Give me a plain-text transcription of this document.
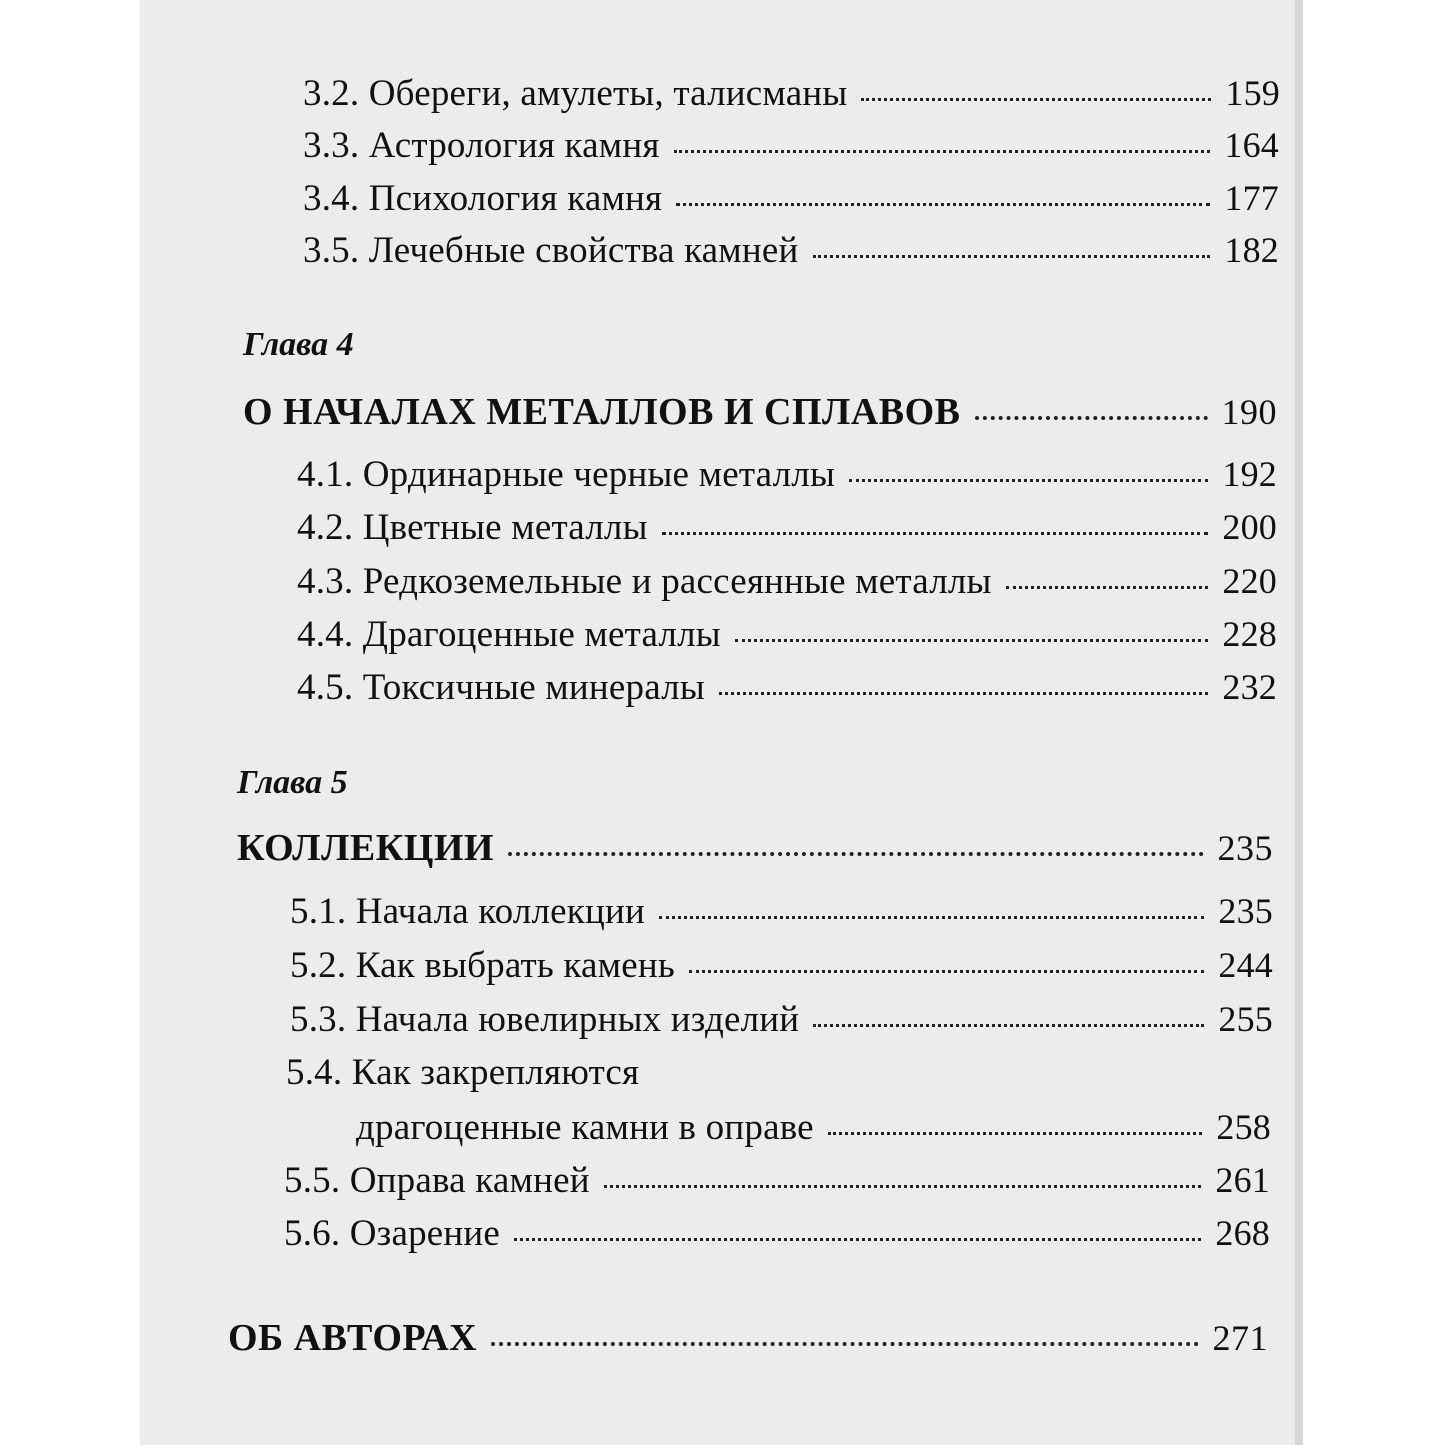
3.2. Обереги, амулеты, талисманы	159
3.3. Астрология камня	164
3.4. Психология камня	177
3.5. Лечебные свойства камней	182
Глава 4
О НАЧАЛАХ МЕТАЛЛОВ И СПЛАВОВ	190
4.1. Ординарные черные металлы	192
4.2. Цветные металлы	200
4.3. Редкоземельные и рассеянные металлы	220
4.4. Драгоценные металлы	228
4.5. Токсичные минералы	232
Глава 5
КОЛЛЕКЦИИ	235
5.1. Начала коллекции	235
5.2. Как выбрать камень	244
5.3. Начала ювелирных изделий	255
5.4. Как закрепляются
драгоценные камни в оправе	258
5.5. Оправа камней	261
5.6. Озарение	268
ОБ АВТОРАХ	271
